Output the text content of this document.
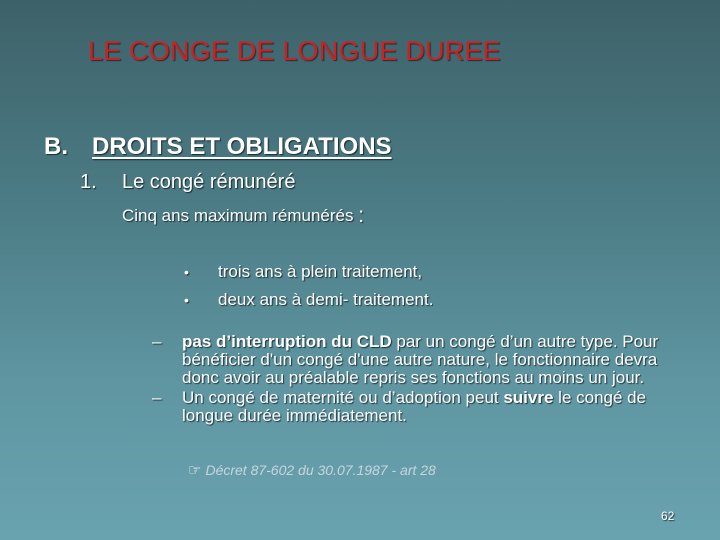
LE CONGE DE LONGUE DUREE
B. DROITS ET OBLIGATIONS
1. Le congé rémunéré
Cinq ans maximum rémunérés :
• trois ans à plein traitement,
• deux ans à demi- traitement.
– pas d’interruption du CLD par un congé d’un autre type. Pour bénéficier d'un congé d'une autre nature, le fonctionnaire devra donc avoir au préalable repris ses fonctions au moins un jour.
– Un congé de maternité ou d’adoption peut suivre le congé de longue durée immédiatement.
☞ Décret 87-602 du 30.07.1987 - art 28
62
